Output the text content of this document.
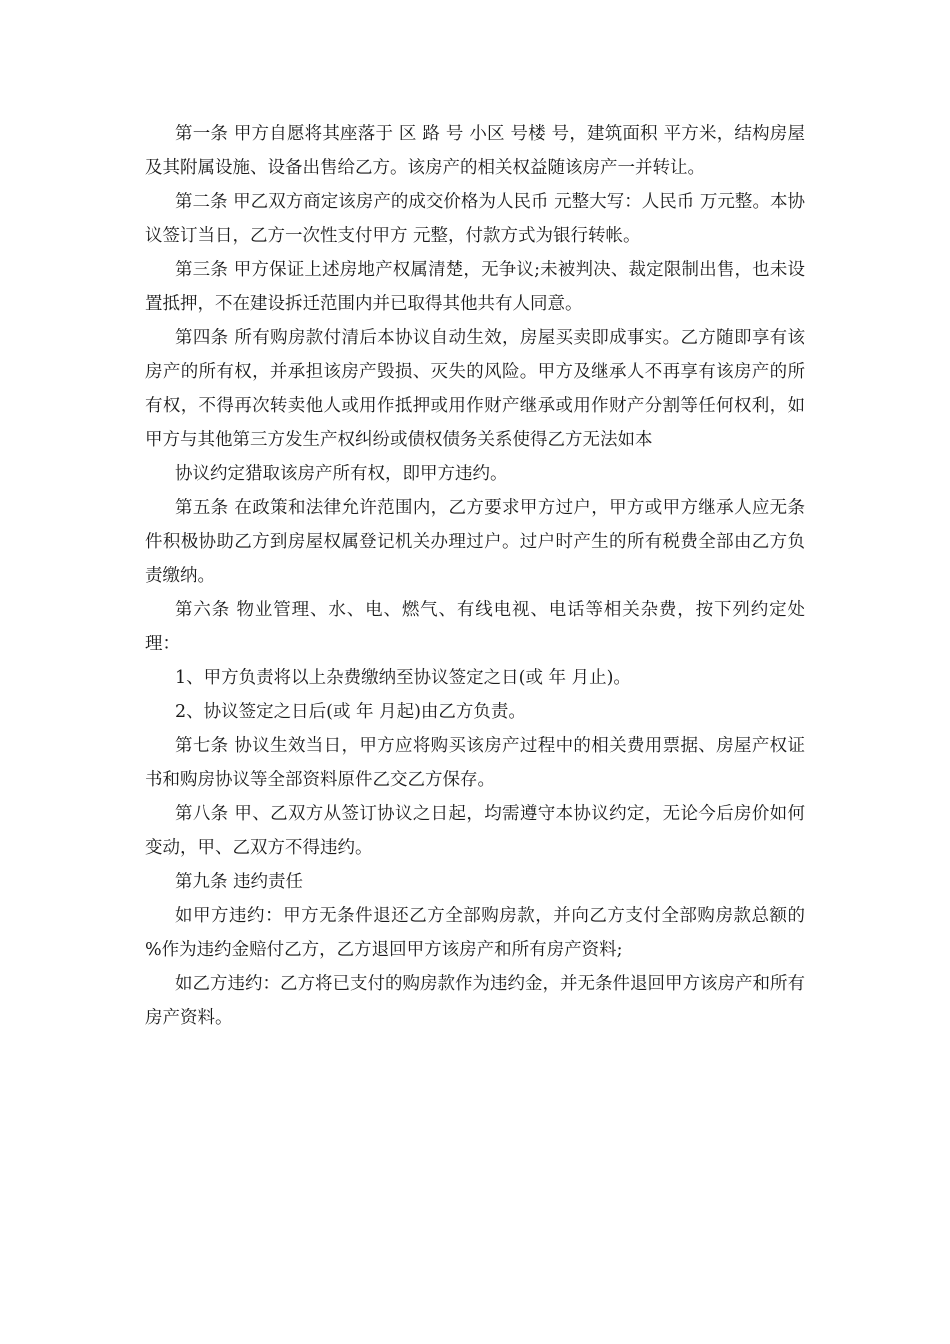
第一条 甲方自愿将其座落于 区 路 号 小区 号楼 号，建筑面积 平方米，结构房屋及其附属设施、设备出售给乙方。该房产的相关权益随该房产一并转让。

第二条 甲乙双方商定该房产的成交价格为人民币 元整大写：人民币 万元整。本协议签订当日，乙方一次性支付甲方 元整，付款方式为银行转帐。

第三条 甲方保证上述房地产权属清楚，无争议;未被判决、裁定限制出售，也未设置抵押，不在建设拆迁范围内并已取得其他共有人同意。

第四条 所有购房款付清后本协议自动生效，房屋买卖即成事实。乙方随即享有该房产的所有权，并承担该房产毁损、灭失的风险。甲方及继承人不再享有该房产的所有权，不得再次转卖他人或用作抵押或用作财产继承或用作财产分割等任何权利，如甲方与其他第三方发生产权纠纷或债权债务关系使得乙方无法如本

协议约定猎取该房产所有权，即甲方违约。

第五条 在政策和法律允许范围内，乙方要求甲方过户，甲方或甲方继承人应无条件积极协助乙方到房屋权属登记机关办理过户。过户时产生的所有税费全部由乙方负责缴纳。

第六条 物业管理、水、电、燃气、有线电视、电话等相关杂费，按下列约定处理：

1、甲方负责将以上杂费缴纳至协议签定之日(或 年 月止)。

2、协议签定之日后(或 年 月起)由乙方负责。

第七条 协议生效当日，甲方应将购买该房产过程中的相关费用票据、房屋产权证书和购房协议等全部资料原件乙交乙方保存。

第八条 甲、乙双方从签订协议之日起，均需遵守本协议约定，无论今后房价如何变动，甲、乙双方不得违约。

第九条 违约责任

如甲方违约：甲方无条件退还乙方全部购房款，并向乙方支付全部购房款总额的 %作为违约金赔付乙方，乙方退回甲方该房产和所有房产资料;

如乙方违约：乙方将已支付的购房款作为违约金，并无条件退回甲方该房产和所有房产资料。
